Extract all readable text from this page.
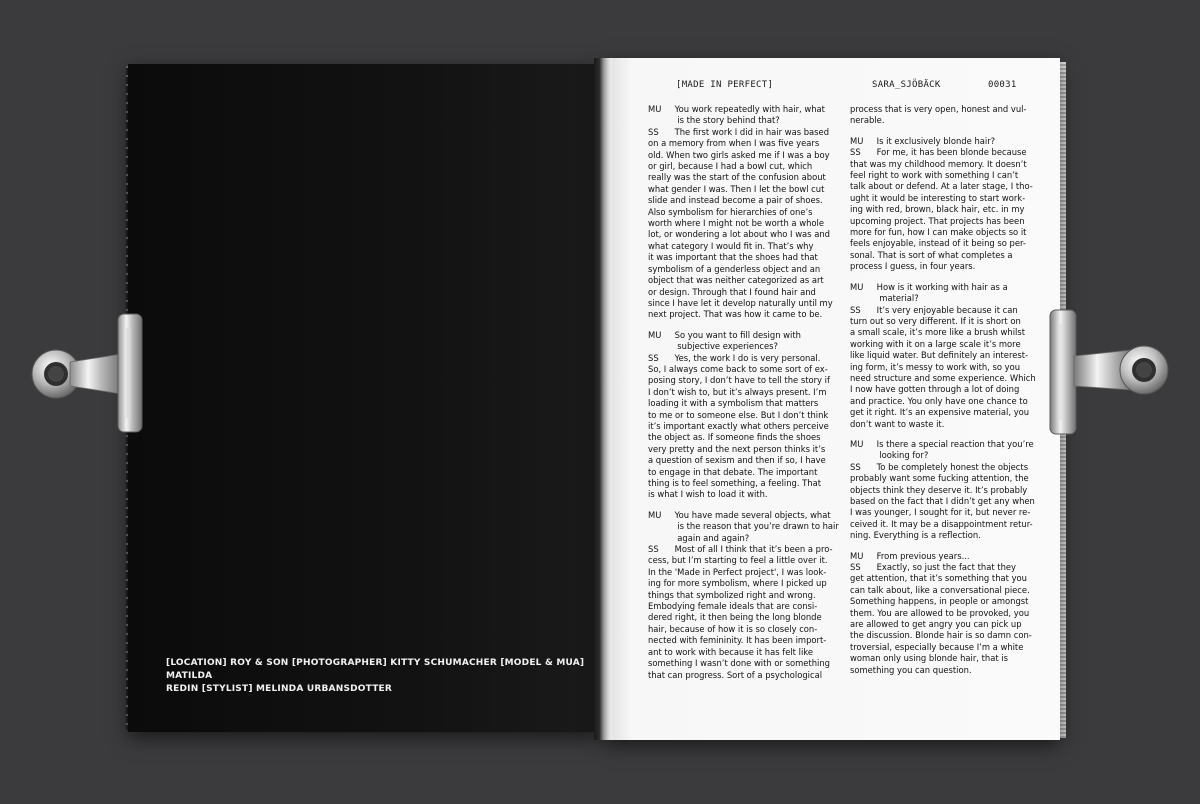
[LOCATION] ROY & SON [PHOTOGRAPHER] KITTY SCHUMACHER [MODEL & MUA] MATILDA
REDIN [STYLIST] MELINDA URBANSDOTTER
[MADE IN PERFECT]	SARA_SJÖBÄCK	00031
MU     You work repeatedly with hair, what
is the story behind that?
SS      The first work I did in hair was based
on a memory from when I was five years
old. When two girls asked me if I was a boy
or girl, because I had a bowl cut, which
really was the start of the confusion about
what gender I was. Then I let the bowl cut
slide and instead become a pair of shoes.
Also symbolism for hierarchies of one’s
worth where I might not be worth a whole
lot, or wondering a lot about who I was and
what category I would fit in. That’s why
it was important that the shoes had that
symbolism of a genderless object and an
object that was neither categorized as art
or design. Through that I found hair and
since I have let it develop naturally until my
next project. That was how it came to be.
MU     So you want to fill design with
subjective experiences?
SS      Yes, the work I do is very personal.
So, I always come back to some sort of ex-
posing story, I don’t have to tell the story if
I don’t wish to, but it’s always present. I’m
loading it with a symbolism that matters
to me or to someone else. But I don’t think
it’s important exactly what others perceive
the object as. If someone finds the shoes
very pretty and the next person thinks it’s
a question of sexism and then if so, I have
to engage in that debate. The important
thing is to feel something, a feeling. That
is what I wish to load it with.
MU     You have made several objects, what
is the reason that you’re drawn to hair
again and again?
SS      Most of all I think that it’s been a pro-
cess, but I’m starting to feel a little over it.
In the 'Made in Perfect project', I was look-
ing for more symbolism, where I picked up
things that symbolized right and wrong.
Embodying female ideals that are consi-
dered right, it then being the long blonde
hair, because of how it is so closely con-
nected with femininity. It has been import-
ant to work with because it has felt like
something I wasn’t done with or something
that can progress. Sort of a psychological
process that is very open, honest and vul-
nerable.
MU     Is it exclusively blonde hair?
SS      For me, it has been blonde because
that was my childhood memory. It doesn’t
feel right to work with something I can’t
talk about or defend. At a later stage, I tho-
ught it would be interesting to start work-
ing with red, brown, black hair, etc. in my
upcoming project. That projects has been
more for fun, how I can make objects so it
feels enjoyable, instead of it being so per-
sonal. That is sort of what completes a
process I guess, in four years.
MU     How is it working with hair as a
material?
SS      It’s very enjoyable because it can
turn out so very different. If it is short on
a small scale, it’s more like a brush whilst
working with it on a large scale it’s more
like liquid water. But definitely an interest-
ing form, it’s messy to work with, so you
need structure and some experience. Which
I now have gotten through a lot of doing
and practice. You only have one chance to
get it right. It’s an expensive material, you
don’t want to waste it.
MU     Is there a special reaction that you’re
looking for?
SS      To be completely honest the objects
probably want some fucking attention, the
objects think they deserve it. It’s probably
based on the fact that I didn’t get any when
I was younger, I sought for it, but never re-
ceived it. It may be a disappointment retur-
ning. Everything is a reflection.
MU     From previous years...
SS      Exactly, so just the fact that they
get attention, that it’s something that you
can talk about, like a conversational piece.
Something happens, in people or amongst
them. You are allowed to be provoked, you
are allowed to get angry you can pick up
the discussion. Blonde hair is so damn con-
troversial, especially because I’m a white
woman only using blonde hair, that is
something you can question.
